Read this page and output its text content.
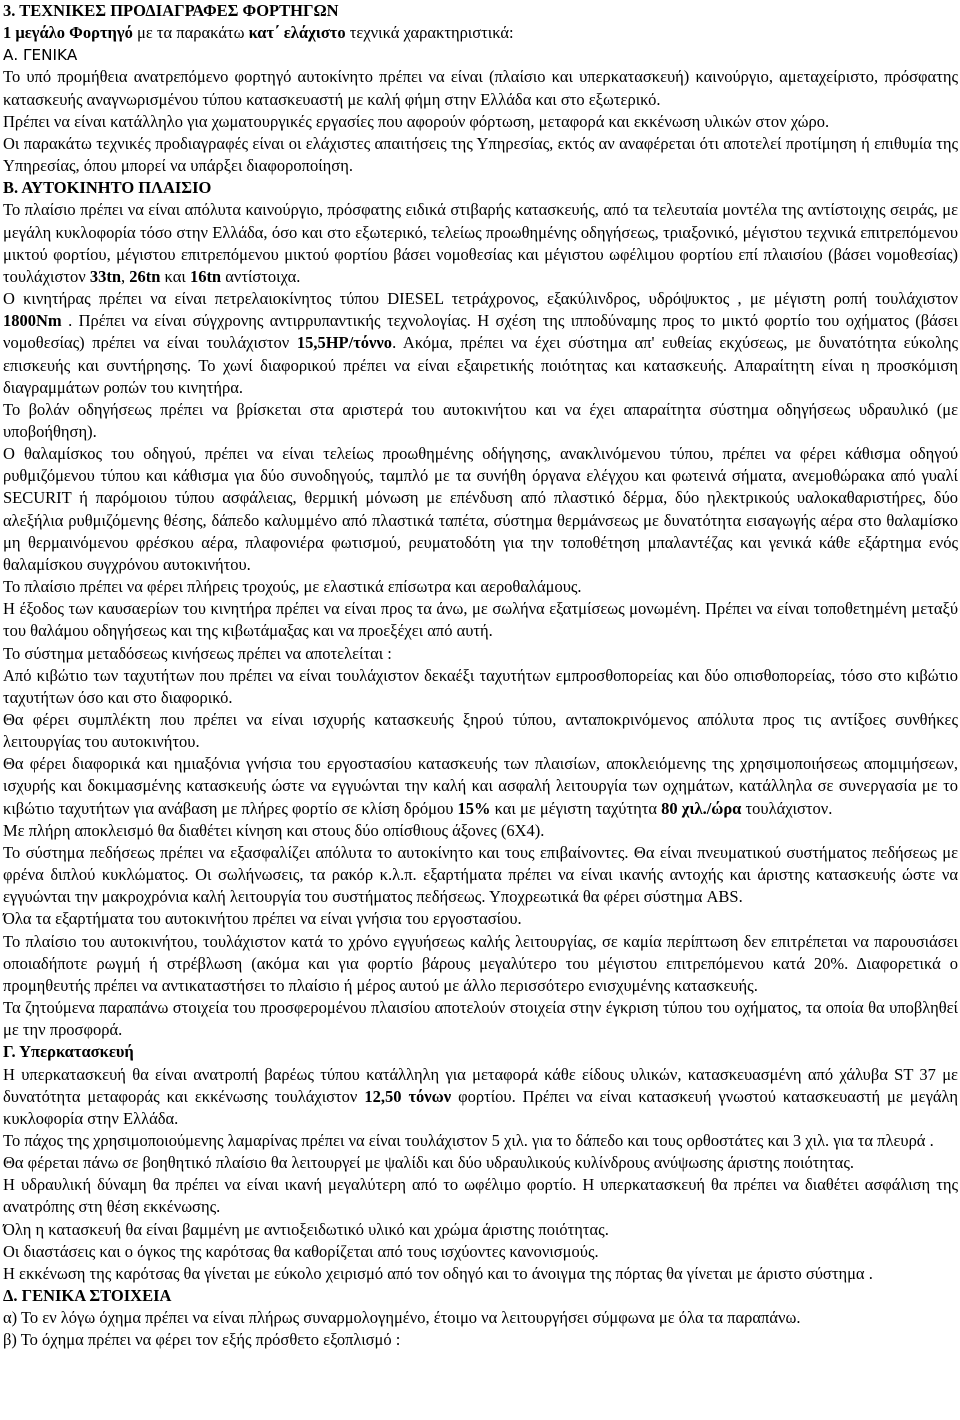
3. ΤΕΧΝΙΚΕΣ ΠΡΟΔΙΑΓΡΑΦΕΣ ΦΟΡΤΗΓΩΝ

1 μεγάλο Φορτηγό με τα παρακάτω κατ΄ ελάχιστο τεχνικά χαρακτηριστικά:

Α. ΓΕΝΙΚΑ

Το υπό προμήθεια ανατρεπόμενο φορτηγό αυτοκίνητο πρέπει να είναι (πλαίσιο και υπερκατασκευή) καινούργιο, αμεταχείριστο, πρόσφατης κατασκευής αναγνωρισμένου τύπου κατασκευαστή με καλή φήμη στην Ελλάδα και στο εξωτερικό.

Πρέπει να είναι κατάλληλο για χωματουργικές εργασίες που αφορούν φόρτωση, μεταφορά και εκκένωση υλικών στον χώρο.

Οι παρακάτω τεχνικές προδιαγραφές είναι οι ελάχιστες απαιτήσεις της Υπηρεσίας, εκτός αν αναφέρεται ότι αποτελεί προτίμηση ή επιθυμία της Υπηρεσίας, όπου μπορεί να υπάρξει διαφοροποίηση.

Β. ΑΥΤΟΚΙΝΗΤΟ ΠΛΑΙΣΙΟ

Το πλαίσιο πρέπει να είναι απόλυτα καινούργιο, πρόσφατης ειδικά στιβαρής κατασκευής, από τα τελευταία μοντέλα της αντίστοιχης σειράς, με μεγάλη κυκλοφορία τόσο στην Ελλάδα, όσο και στο εξωτερικό, τελείως προωθημένης οδηγήσεως, τριαξονικό, μέγιστου τεχνικά επιτρεπόμενου μικτού φορτίου, μέγιστου επιτρεπόμενου μικτού φορτίου βάσει νομοθεσίας και μέγιστου ωφέλιμου φορτίου επί πλαισίου (βάσει νομοθεσίας) τουλάχιστον 33tn, 26tn και 16tn αντίστοιχα.

Ο κινητήρας πρέπει να είναι πετρελαιοκίνητος τύπου DIESEL τετράχρονος, εξακύλινδρος, υδρόψυκτος , με μέγιστη ροπή τουλάχιστον 1800Nm . Πρέπει να είναι σύγχρονης αντιρρυπαντικής τεχνολογίας. Η σχέση της ιπποδύναμης προς το μικτό φορτίο του οχήματος (βάσει νομοθεσίας) πρέπει να είναι τουλάχιστον 15,5HP/τόννο. Ακόμα, πρέπει να έχει σύστημα απ' ευθείας εκχύσεως, με δυνατότητα εύκολης επισκευής και συντήρησης. Το χωνί διαφορικού πρέπει να είναι εξαιρετικής ποιότητας και κατασκευής. Απαραίτητη είναι η προσκόμιση διαγραμμάτων ροπών του κινητήρα.

Το βολάν οδηγήσεως πρέπει να βρίσκεται στα αριστερά του αυτοκινήτου και να έχει απαραίτητα σύστημα οδηγήσεως υδραυλικό (με υποβοήθηση).

Ο θαλαμίσκος του οδηγού, πρέπει να είναι τελείως προωθημένης οδήγησης, ανακλινόμενου τύπου, πρέπει να φέρει κάθισμα οδηγού ρυθμιζόμενου τύπου και κάθισμα για δύο συνοδηγούς, ταμπλό με τα συνήθη όργανα ελέγχου και φωτεινά σήματα, ανεμοθώρακα από γυαλί SECURIT ή παρόμοιου τύπου ασφάλειας, θερμική μόνωση με επένδυση από πλαστικό δέρμα, δύο ηλεκτρικούς υαλοκαθαριστήρες, δύο αλεξήλια ρυθμιζόμενης θέσης, δάπεδο καλυμμένο από πλαστικά ταπέτα, σύστημα θερμάνσεως με δυνατότητα εισαγωγής αέρα στο θαλαμίσκο μη θερμαινόμενου φρέσκου αέρα, πλαφονιέρα φωτισμού, ρευματοδότη για την τοποθέτηση μπαλαντέζας και γενικά κάθε εξάρτημα ενός θαλαμίσκου συγχρόνου αυτοκινήτου.

Το πλαίσιο πρέπει να φέρει πλήρεις τροχούς, με ελαστικά επίσωτρα και αεροθαλάμους.

Η έξοδος των καυσαερίων του κινητήρα πρέπει να είναι προς τα άνω, με σωλήνα εξατμίσεως μονωμένη. Πρέπει να είναι τοποθετημένη μεταξύ του θαλάμου οδηγήσεως και της κιβωτάμαξας και να προεξέχει από αυτή.

Το σύστημα μεταδόσεως κινήσεως πρέπει να αποτελείται :

Από κιβώτιο των ταχυτήτων που πρέπει να είναι τουλάχιστον δεκαέξι ταχυτήτων εμπροσθοπορείας και δύο οπισθοπορείας, τόσο στο κιβώτιο ταχυτήτων όσο και στο διαφορικό.

Θα φέρει συμπλέκτη που πρέπει να είναι ισχυρής κατασκευής ξηρού τύπου, ανταποκρινόμενος απόλυτα προς τις αντίξοες συνθήκες λειτουργίας του αυτοκινήτου.

Θα φέρει διαφορικά και ημιαξόνια γνήσια του εργοστασίου κατασκευής των πλαισίων, αποκλειόμενης της χρησιμοποιήσεως απομιμήσεων, ισχυρής και δοκιμασμένης κατασκευής ώστε να εγγυώνται την καλή και ασφαλή λειτουργία των οχημάτων, κατάλληλα σε συνεργασία με το κιβώτιο ταχυτήτων για ανάβαση με πλήρες φορτίο σε κλίση δρόμου 15% και με μέγιστη ταχύτητα 80 χιλ./ώρα τουλάχιστον.

Με πλήρη αποκλεισμό θα διαθέτει κίνηση και στους δύο οπίσθιους άξονες (6Χ4).

Το σύστημα πεδήσεως πρέπει να εξασφαλίζει απόλυτα το αυτοκίνητο και τους επιβαίνοντες. Θα είναι πνευματικού συστήματος πεδήσεως με φρένα διπλού κυκλώματος. Οι σωλήνωσεις, τα ρακόρ κ.λ.π. εξαρτήματα πρέπει να είναι ικανής αντοχής και άριστης κατασκευής ώστε να εγγυώνται την μακροχρόνια καλή λειτουργία του συστήματος πεδήσεως. Υποχρεωτικά θα φέρει σύστημα ABS.

Όλα τα εξαρτήματα του αυτοκινήτου πρέπει να είναι γνήσια του εργοστασίου.

Το πλαίσιο του αυτοκινήτου, τουλάχιστον κατά το χρόνο εγγυήσεως καλής λειτουργίας, σε καμία περίπτωση δεν επιτρέπεται να παρουσιάσει οποιαδήποτε ρωγμή ή στρέβλωση (ακόμα και για φορτίο βάρους μεγαλύτερο του μέγιστου επιτρεπόμενου κατά 20%. Διαφορετικά ο προμηθευτής πρέπει να αντικαταστήσει το πλαίσιο ή μέρος αυτού με άλλο περισσότερο ενισχυμένης κατασκευής.

Τα ζητούμενα παραπάνω στοιχεία του προσφερομένου πλαισίου αποτελούν στοιχεία στην έγκριση τύπου του οχήματος, τα οποία θα υποβληθεί με την προσφορά.

Γ. Υπερκατασκευή

Η υπερκατασκευή θα είναι ανατροπή βαρέως τύπου κατάλληλη για μεταφορά κάθε είδους υλικών, κατασκευασμένη από χάλυβα ST 37 με δυνατότητα μεταφοράς και εκκένωσης τουλάχιστον 12,50 τόνων φορτίου. Πρέπει να είναι κατασκευή γνωστού κατασκευαστή με μεγάλη κυκλοφορία στην Ελλάδα.

Το πάχος της χρησιμοποιούμενης λαμαρίνας πρέπει να είναι τουλάχιστον 5 χιλ. για το δάπεδο και τους ορθοστάτες και 3 χιλ. για τα πλευρά .

Θα φέρεται πάνω σε βοηθητικό πλαίσιο θα λειτουργεί με ψαλίδι και δύο υδραυλικούς κυλίνδρους ανύψωσης άριστης ποιότητας.

Η υδραυλική δύναμη θα πρέπει να είναι ικανή μεγαλύτερη από το ωφέλιμο φορτίο. Η υπερκατασκευή θα πρέπει να διαθέτει ασφάλιση της ανατρόπης στη θέση εκκένωσης.

Όλη η κατασκευή θα είναι βαμμένη με αντιοξειδωτικό υλικό και χρώμα άριστης ποιότητας.

Οι διαστάσεις και ο όγκος της καρότσας θα καθορίζεται από τους ισχύοντες κανονισμούς.

Η εκκένωση της καρότσας θα γίνεται με εύκολο χειρισμό από τον οδηγό και το άνοιγμα της πόρτας θα γίνεται με άριστο σύστημα .

Δ. ΓΕΝΙΚΑ ΣΤΟΙΧΕΙΑ

α) Το εν λόγω όχημα πρέπει να είναι πλήρως συναρμολογημένο, έτοιμο να λειτουργήσει σύμφωνα με όλα τα παραπάνω.

β) Το όχημα πρέπει να φέρει τον εξής πρόσθετο εξοπλισμό :
